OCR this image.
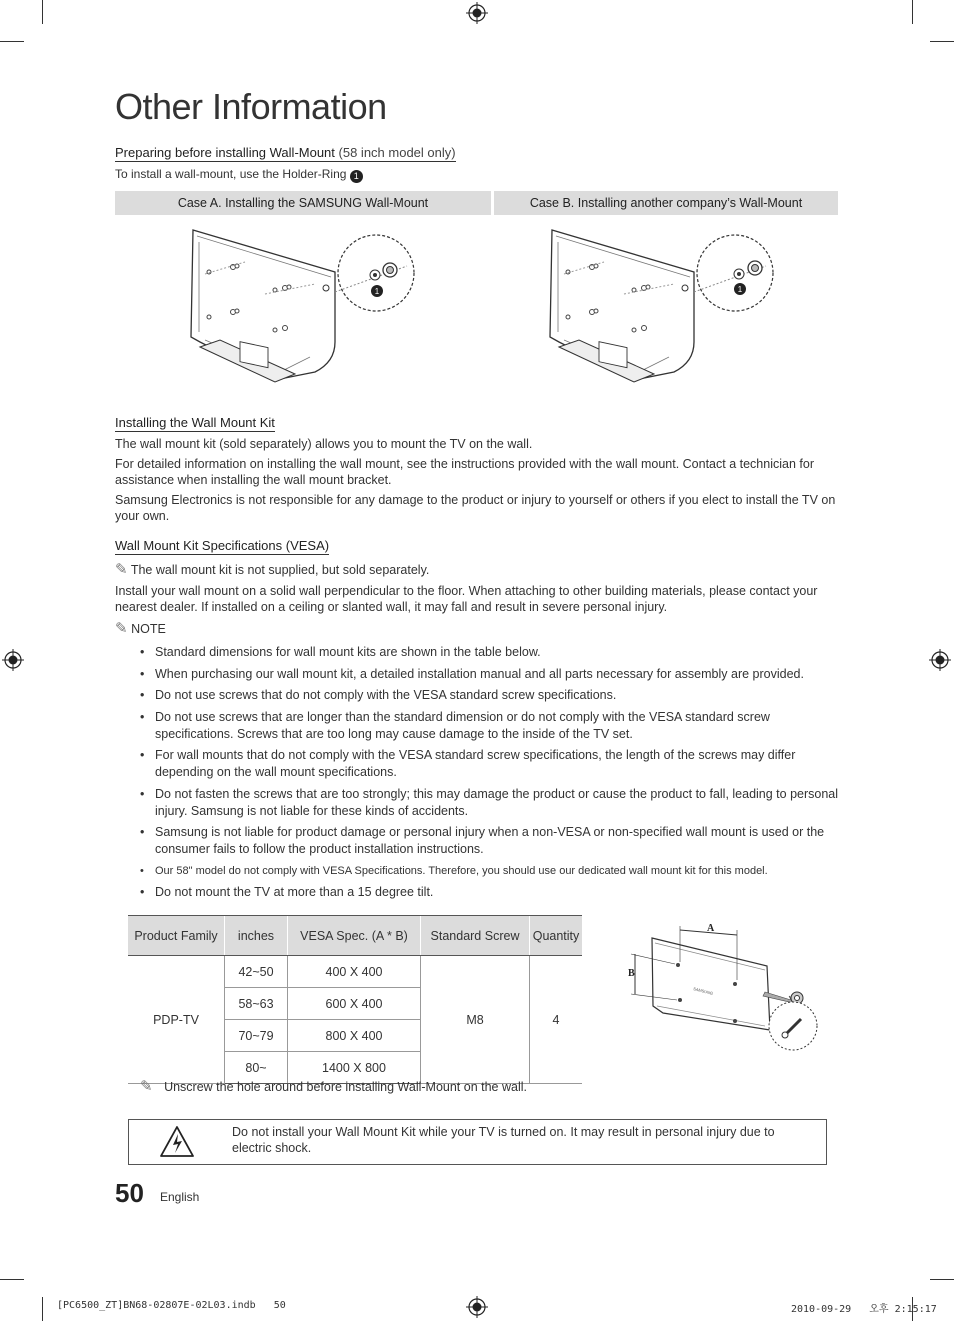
Other Information
Preparing before installing Wall-Mount (58 inch model only)
To install a wall-mount, use the Holder-Ring 1
Case A. Installing the SAMSUNG Wall-Mount	Case B. Installing another company’s Wall-Mount
1	1
Installing the Wall Mount Kit
The wall mount kit (sold separately) allows you to mount the TV on the wall.
For detailed information on installing the wall mount, see the instructions provided with the wall mount. Contact a technician for assistance when installing the wall mount bracket.
Samsung Electronics is not responsible for any damage to the product or injury to yourself or others if you elect to install the TV on your own.
Wall Mount Kit Specifications (VESA)
✎ The wall mount kit is not supplied, but sold separately.
Install your wall mount on a solid wall perpendicular to the floor. When attaching to other building materials, please contact your nearest dealer. If installed on a ceiling or slanted wall, it may fall and result in severe personal injury.
✎ NOTE
• Standard dimensions for wall mount kits are shown in the table below.
• When purchasing our wall mount kit, a detailed installation manual and all parts necessary for assembly are provided.
• Do not use screws that do not comply with the VESA standard screw specifications.
• Do not use screws that are longer than the standard dimension or do not comply with the VESA standard screw specifications. Screws that are too long may cause damage to the inside of the TV set.
• For wall mounts that do not comply with the VESA standard screw specifications, the length of the screws may differ depending on the wall mount specifications.
• Do not fasten the screws that are too strongly; this may damage the product or cause the product to fall, leading to personal injury. Samsung is not liable for these kinds of accidents.
• Samsung is not liable for product damage or personal injury when a non-VESA or non-specified wall mount is used or the consumer fails to follow the product installation instructions.
• Our 58" model do not comply with VESA Specifications. Therefore, you should use our dedicated wall mount kit for this model.
• Do not mount the TV at more than a 15 degree tilt.
Product Family	inches	VESA Spec. (A * B)	Standard Screw	Quantity
PDP-TV	42~50	400 X 400	M8	4
	58~63	600 X 400		
	70~79	800 X 400		
	80~	1400 X 800		
SAMSUNG
A
B
✎ Unscrew the hole around before installing Wall-Mount on the wall.
Do not install your Wall Mount Kit while your TV is turned on. It may result in personal injury due to electric shock.
50 English
[PC6500_ZT]BN68-02807E-02L03.indb   50	2010-09-29   오후 2:15:17
